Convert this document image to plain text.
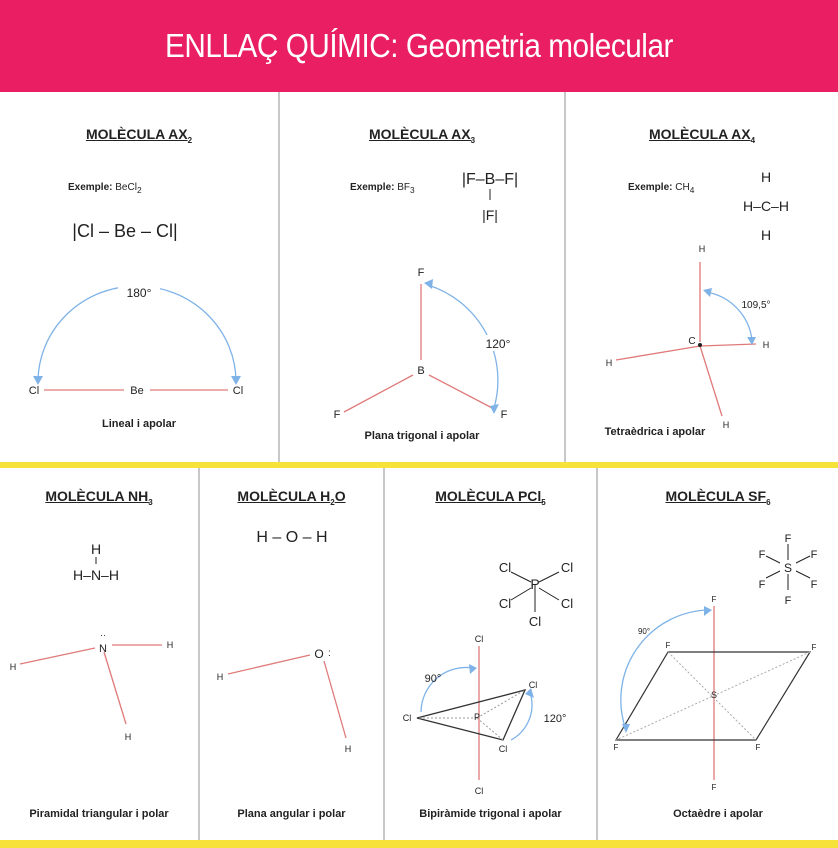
ENLLAÇ QUÍMIC: Geometria molecular
MOLÈCULA $AX_2$
Exemple: BeCl$_2$
|Cl – Be – Cl|
180°
Cl	Be	Cl
Lineal i apolar
MOLÈCULA $AX_3$
Exemple: $BF_3$
|F–B–F|
|F|
120°
F
B
F	F
Plana trigonal i apolar
MOLÈCULA $AX_4$
Exemple: $CH_4$
H
H–C–H
H
109,5°
H
C
H
H
H
Tetraèdrica i apolar
MOLÈCULA $NH_3$
H
H–N–H
N
··
H
H
H
Piramidal triangular i polar
MOLÈCULA $H_2O$
H – O – H
O :
H
H
Plana angular i polar
MOLÈCULA PCl$_5$
P
Cl	Cl
Cl	Cl
Cl
90°
120°
P
Cl
Cl
Cl
Cl
Cl
Bipiràmide trigonal i apolar
MOLÈCULA $SF_6$
S
F
F
F	F
F	F
90°
S
F
F
F	F
F
F
Octaèdre i apolar
